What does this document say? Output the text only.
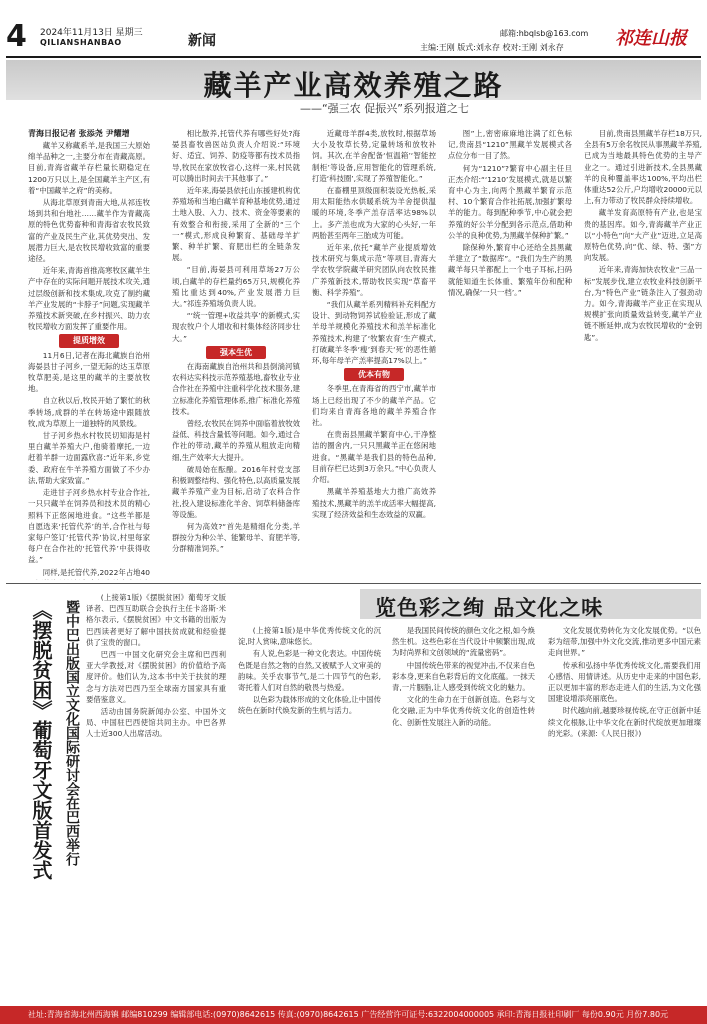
4 2024年11月13日 星期三
QILIANSHANBAO	新闻	邮箱:hbqlsb@163.com
主编:王刚 版式:刘永存 校对:王刚 刘永存	祁连山报
藏羊产业高效养殖之路
——“强三农 促振兴”系列报道之七
青海日报记者 张添尧 尹耀增

藏羊又称藏系羊,是我国三大原始绵羊品种之一,主要分布在青藏高原。目前,青海省藏羊存栏量长期稳定在1200万只以上,是全国藏羊主产区,有着“中国藏羊之府”的美称。

从海北草原到青南大地,从祁连牧场到共和台地社……藏羊作为青藏高原的特色优势畜种和青海省农牧民致富的产业及民生产业,其优势突出、发展潜力巨大,是农牧民增收致富的重要途径。

近年来,青海首推高寒牧区藏羊生产中存在的实际问题开展技术攻关,通过层级创新和技术集成,攻克了制约藏羊产业发展的“卡脖子”问题,实现藏羊养殖技术新突破,在乡村振兴、助力农牧民增收方面发挥了重要作用。

提质增效

11月6日,记者在海北藏族自治州海晏县甘子河乡,一望无际的达玉草原牧草肥美,是这里的藏羊的主要放牧地。

自立秋以后,牧民开始了繁忙的秋季转场,成群的羊在转场途中跟随放牧,成为草原上一道独特的风景线。

甘子河乡热水村牧民切知海是村里白藏羊养殖大户,他骑着摩托,一边赶着羊群一边面露欣喜:“近年来,乡党委、政府在牛羊养殖方面做了不少办法,帮助大家致富。”

走进甘子河乡热水村专业合作社,一只只藏羊在饲养员和技术员的精心照料下正悠闲地进食。“这些羊都是自愿选来‘托管代养’的羊,合作社与每家每户签订‘托管代养’协议,村里每家每户在合作社的‘托管代养’中获得收益。”

同样,是托管代养,2022年占地40

相比散养,托管代养有哪些好处?海晏县畜牧兽医站负责人介绍说:“环境好、适宜、饲养、防疫等都有技术员指导,牧民在家放牧省心,这样一来,村民就可以腾出时间去干其他事了。”

近年来,海晏县依托山东援建机构优养殖场和当地白藏羊育种基地优势,通过土地入股、入力、技术、资金等要素的有效整合和衔接,采用了全新的“三个一”模式,形成良种繁育、基础母羊扩繁、种羊扩繁、育肥出栏的全链条发展。

“目前,海晏县可利用草场27万公顷,白藏羊的存栏量约65万只,规模化养殖比重达到40%,产业发展潜力巨大。”祁连养殖场负责人说。

“‘统一管理+收益共享’的新模式,实现农牧户个人增收和村集体经济同步壮大。”

强本生优

在海南藏族自治州共和县倒淌河镇农科达实科技示范养殖基地,畜牧业专业合作社在养殖中注重科学化技术服务,建立标准化养殖管理体系,推广标准化养殖技术。

曾经,农牧民在饲养中面临着放牧效益低、科技含量低等问题。如今,通过合作社的带动,藏羊的养殖从粗放走向精细,生产效率大大提升。

破局始在酝酿。2016年村党支部积极调整结构、强化特色,以高质量发展藏羊养殖产业为目标,启动了农科合作社,投入建设标准化羊舍、饲草料储备库等设施。

何为高效?“首先是精细化分类,羊群按分为种公羊、能繁母羊、育肥羊等,分群精准饲养。”

近藏母羊群4类,放牧时,根据草场大小及牧草长势,定量转场和放牧补饲。其次,在羊舍配备‘恒温箱’‘智能控制柜’等设备,应用智能化的管理系统,打造‘科技圈’,实现了养殖智能化。”

在畜棚里顶级面积装设光热板,采用太阳能热水供暖系统为羊舍提供温暖的环境,冬季产羔存活率达98%以上。多产羔也成为大家的心头好,一年两胎甚至两年三胎成为可能。

近年来,依托“藏羊产业提质增效技术研究与集成示范”等项目,青海大学农牧学院藏羊研究团队向农牧民推广养殖新技术,帮助牧民实现“草畜平衡、科学养殖”。

“我们从藏羊系列精料补充料配方设计、到动物饲养试验验证,形成了藏羊母羊规模化养殖技术和羔羊标准化养殖技术,构建了‘牧繁农育’生产模式,打破藏羊冬季‘瘦’到春天‘死’的恶性循环,每年母羊产羔率提高17%以上。”

优本有物

冬季里,在青海省的西宁市,藏羊市场上已经出现了不少的藏羊产品。它们均来自青海各地的藏羊养殖合作社。

在贵南县黑藏羊繁育中心,干净整洁的圈舍内,一只只黑藏羊正在悠闲地进食。“黑藏羊是我们县的特色品种,目前存栏已达到3万余只。”中心负责人介绍。

黑藏羊养殖基地大力推广高效养殖技术,黑藏羊的羔羊成活率大幅提高,实现了经济效益和生态效益的双赢。

图”上,密密麻麻地注满了红色标记,贵南县“1210”黑藏羊发展模式各点位分布一目了然。

何为“1210”?繁育中心副主任旦正杰介绍:“‘1210’发展模式,就是以繁育中心为主,向两个黑藏羊繁育示范村、10个繁育合作社拓展,加强扩繁母羊的能力。每到配种季节,中心就会把养殖的好公羊分配到各示范点,借助种公羊的良种优势,为黑藏羊保种扩繁。”

除保种外,繁育中心还给全县黑藏羊建立了“数据库”。“我们为生产的黑藏羊每只羊都配上一个电子耳标,扫码就能知道生长体重、繁殖年份和配种情况,确保‘一只一档’。”

目前,贵南县黑藏羊存栏18万只,全县有5万余名牧民从事黑藏羊养殖,已成为当地最具特色优势的主导产业之一。通过引进新技术,全县黑藏羊的良种覆盖率达100%,平均出栏体重达52公斤,户均增收20000元以上,有力带动了牧民群众持续增收。

藏羊发育高原特有产业,也是宝贵的基因库。如今,青海藏羊产业正以“小特色”向“大产业”迈进,立足高原特色优势,向“优、绿、特、强”方向发展。

近年来,青海加快农牧业“三品一标”发展步伐,建立农牧业科技创新平台,为“特色产业”链条注入了强劲动力。如今,青海藏羊产业正在实现从规模扩张向质量效益转变,藏羊产业链不断延伸,成为农牧民增收的“金钥匙”。

《摆脱贫困》葡萄牙文版首发式 暨中巴出版国立文化国际研讨会在巴西举行

(上接第1版)《摆脱贫困》葡萄牙文版译者、巴西互助联合会执行主任卡洛斯·米格尔表示,《摆脱贫困》中文书籍的出版为巴西读者更好了解中国扶贫成就和经验提供了宝贵的窗口。

巴西一中国文化研究会主席和巴西利亚大学教授,对《摆脱贫困》的价值给予高度评价。他们认为,这本书中关于扶贫的理念与方法对巴西乃至全球南方国家具有重要借鉴意义。

活动由国务院新闻办公室、中国外文局、中国驻巴西使馆共同主办。中巴各界人士近300人出席活动。

览色彩之绚 品文化之味

(上接第1版)是中华优秀传统文化的沉淀,时人赏味,意味悠长。

有人说,色彩是一种文化表达。中国传统色既是自然之物的自然,又被赋予人文审美的韵味。关乎农事节气,是二十四节气的色彩,寄托着人们对自然的敬畏与热爱。

以色彩为载体形成的文化体验,让中国传统色在新时代焕发新的生机与活力。

是我国民间传统的颜色文化之根,如今焕然生机。这些色彩在当代设计中频繁出现,成为时尚界和文创领域的“流量密码”。

中国传统色带来的视觉冲击,不仅来自色彩本身,更来自色彩背后的文化底蕴。一抹天青,一片胭脂,让人感受到传统文化的魅力。

文化的生命力在于创新创造。色彩与文化交融,正为中华优秀传统文化的创造性转化、创新性发展注入新的动能。

文化发展优势转化为文化发展优势。“以色彩为纽带,加强中外文化交流,推动更多中国元素走向世界。”

传承和弘扬中华优秀传统文化,需要我们用心感悟、用情讲述。从历史中走来的中国色彩,正以更加丰富的形态走进人们的生活,为文化强国建设增添亮丽底色。

时代越向前,越要珍视传统,在守正创新中延续文化根脉,让中华文化在新时代绽放更加璀璨的光彩。(来源:《人民日报》)

社址:青海省海北州西海镇 邮编810299 编辑部电话:(0970)8642615 传真:(0970)8642615 广告经营许可证号:6322004000005 承印:青海日报社印刷厂 每份0.90元 月份7.80元
